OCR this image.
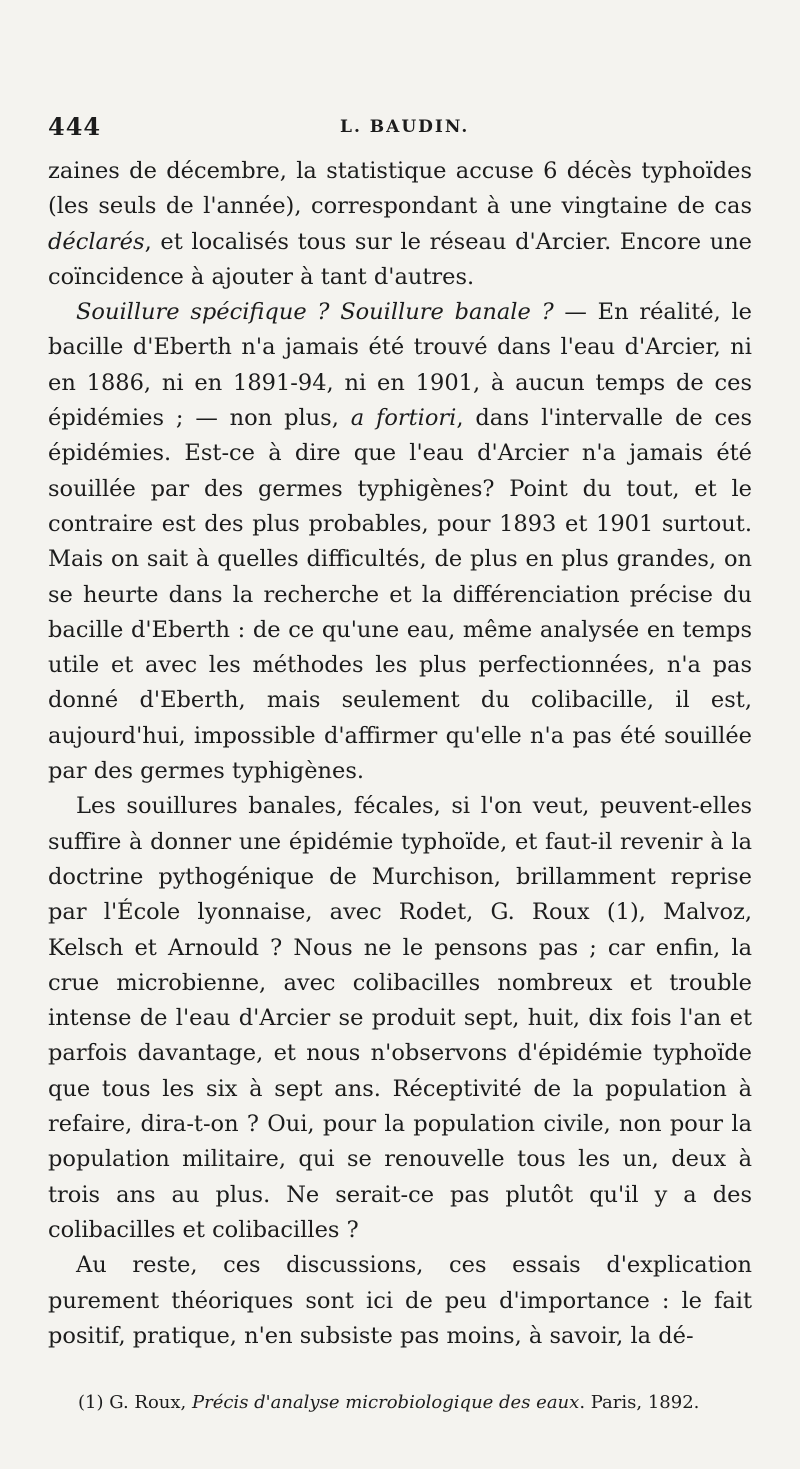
444	L. BAUDIN.

zaines de décembre, la statistique accuse 6 décès typhoïdes (les seuls de l'année), correspondant à une vingtaine de cas déclarés, et localisés tous sur le réseau d'Arcier. Encore une coïncidence à ajouter à tant d'autres.

Souillure spécifique ? Souillure banale ? — En réalité, le bacille d'Eberth n'a jamais été trouvé dans l'eau d'Arcier, ni en 1886, ni en 1891-94, ni en 1901, à aucun temps de ces épidémies ; — non plus, a fortiori, dans l'intervalle de ces épidémies. Est-ce à dire que l'eau d'Arcier n'a jamais été souillée par des germes typhigènes? Point du tout, et le contraire est des plus probables, pour 1893 et 1901 surtout. Mais on sait à quelles difficultés, de plus en plus grandes, on se heurte dans la recherche et la différenciation précise du bacille d'Eberth : de ce qu'une eau, même analysée en temps utile et avec les méthodes les plus perfectionnées, n'a pas donné d'Eberth, mais seulement du colibacille, il est, aujourd'hui, impossible d'affirmer qu'elle n'a pas été souillée par des germes typhigènes.

Les souillures banales, fécales, si l'on veut, peuvent-elles suffire à donner une épidémie typhoïde, et faut-il revenir à la doctrine pythogénique de Murchison, brillamment reprise par l'École lyonnaise, avec Rodet, G. Roux (1), Malvoz, Kelsch et Arnould ? Nous ne le pensons pas ; car enfin, la crue microbienne, avec colibacilles nombreux et trouble intense de l'eau d'Arcier se produit sept, huit, dix fois l'an et parfois davantage, et nous n'observons d'épidémie typhoïde que tous les six à sept ans. Réceptivité de la population à refaire, dira-t-on ? Oui, pour la population civile, non pour la population militaire, qui se renouvelle tous les un, deux à trois ans au plus. Ne serait-ce pas plutôt qu'il y a des colibacilles et colibacilles ?

Au reste, ces discussions, ces essais d'explication purement théoriques sont ici de peu d'importance : le fait positif, pratique, n'en subsiste pas moins, à savoir, la dé-

(1) G. Roux, Précis d'analyse microbiologique des eaux. Paris, 1892.
